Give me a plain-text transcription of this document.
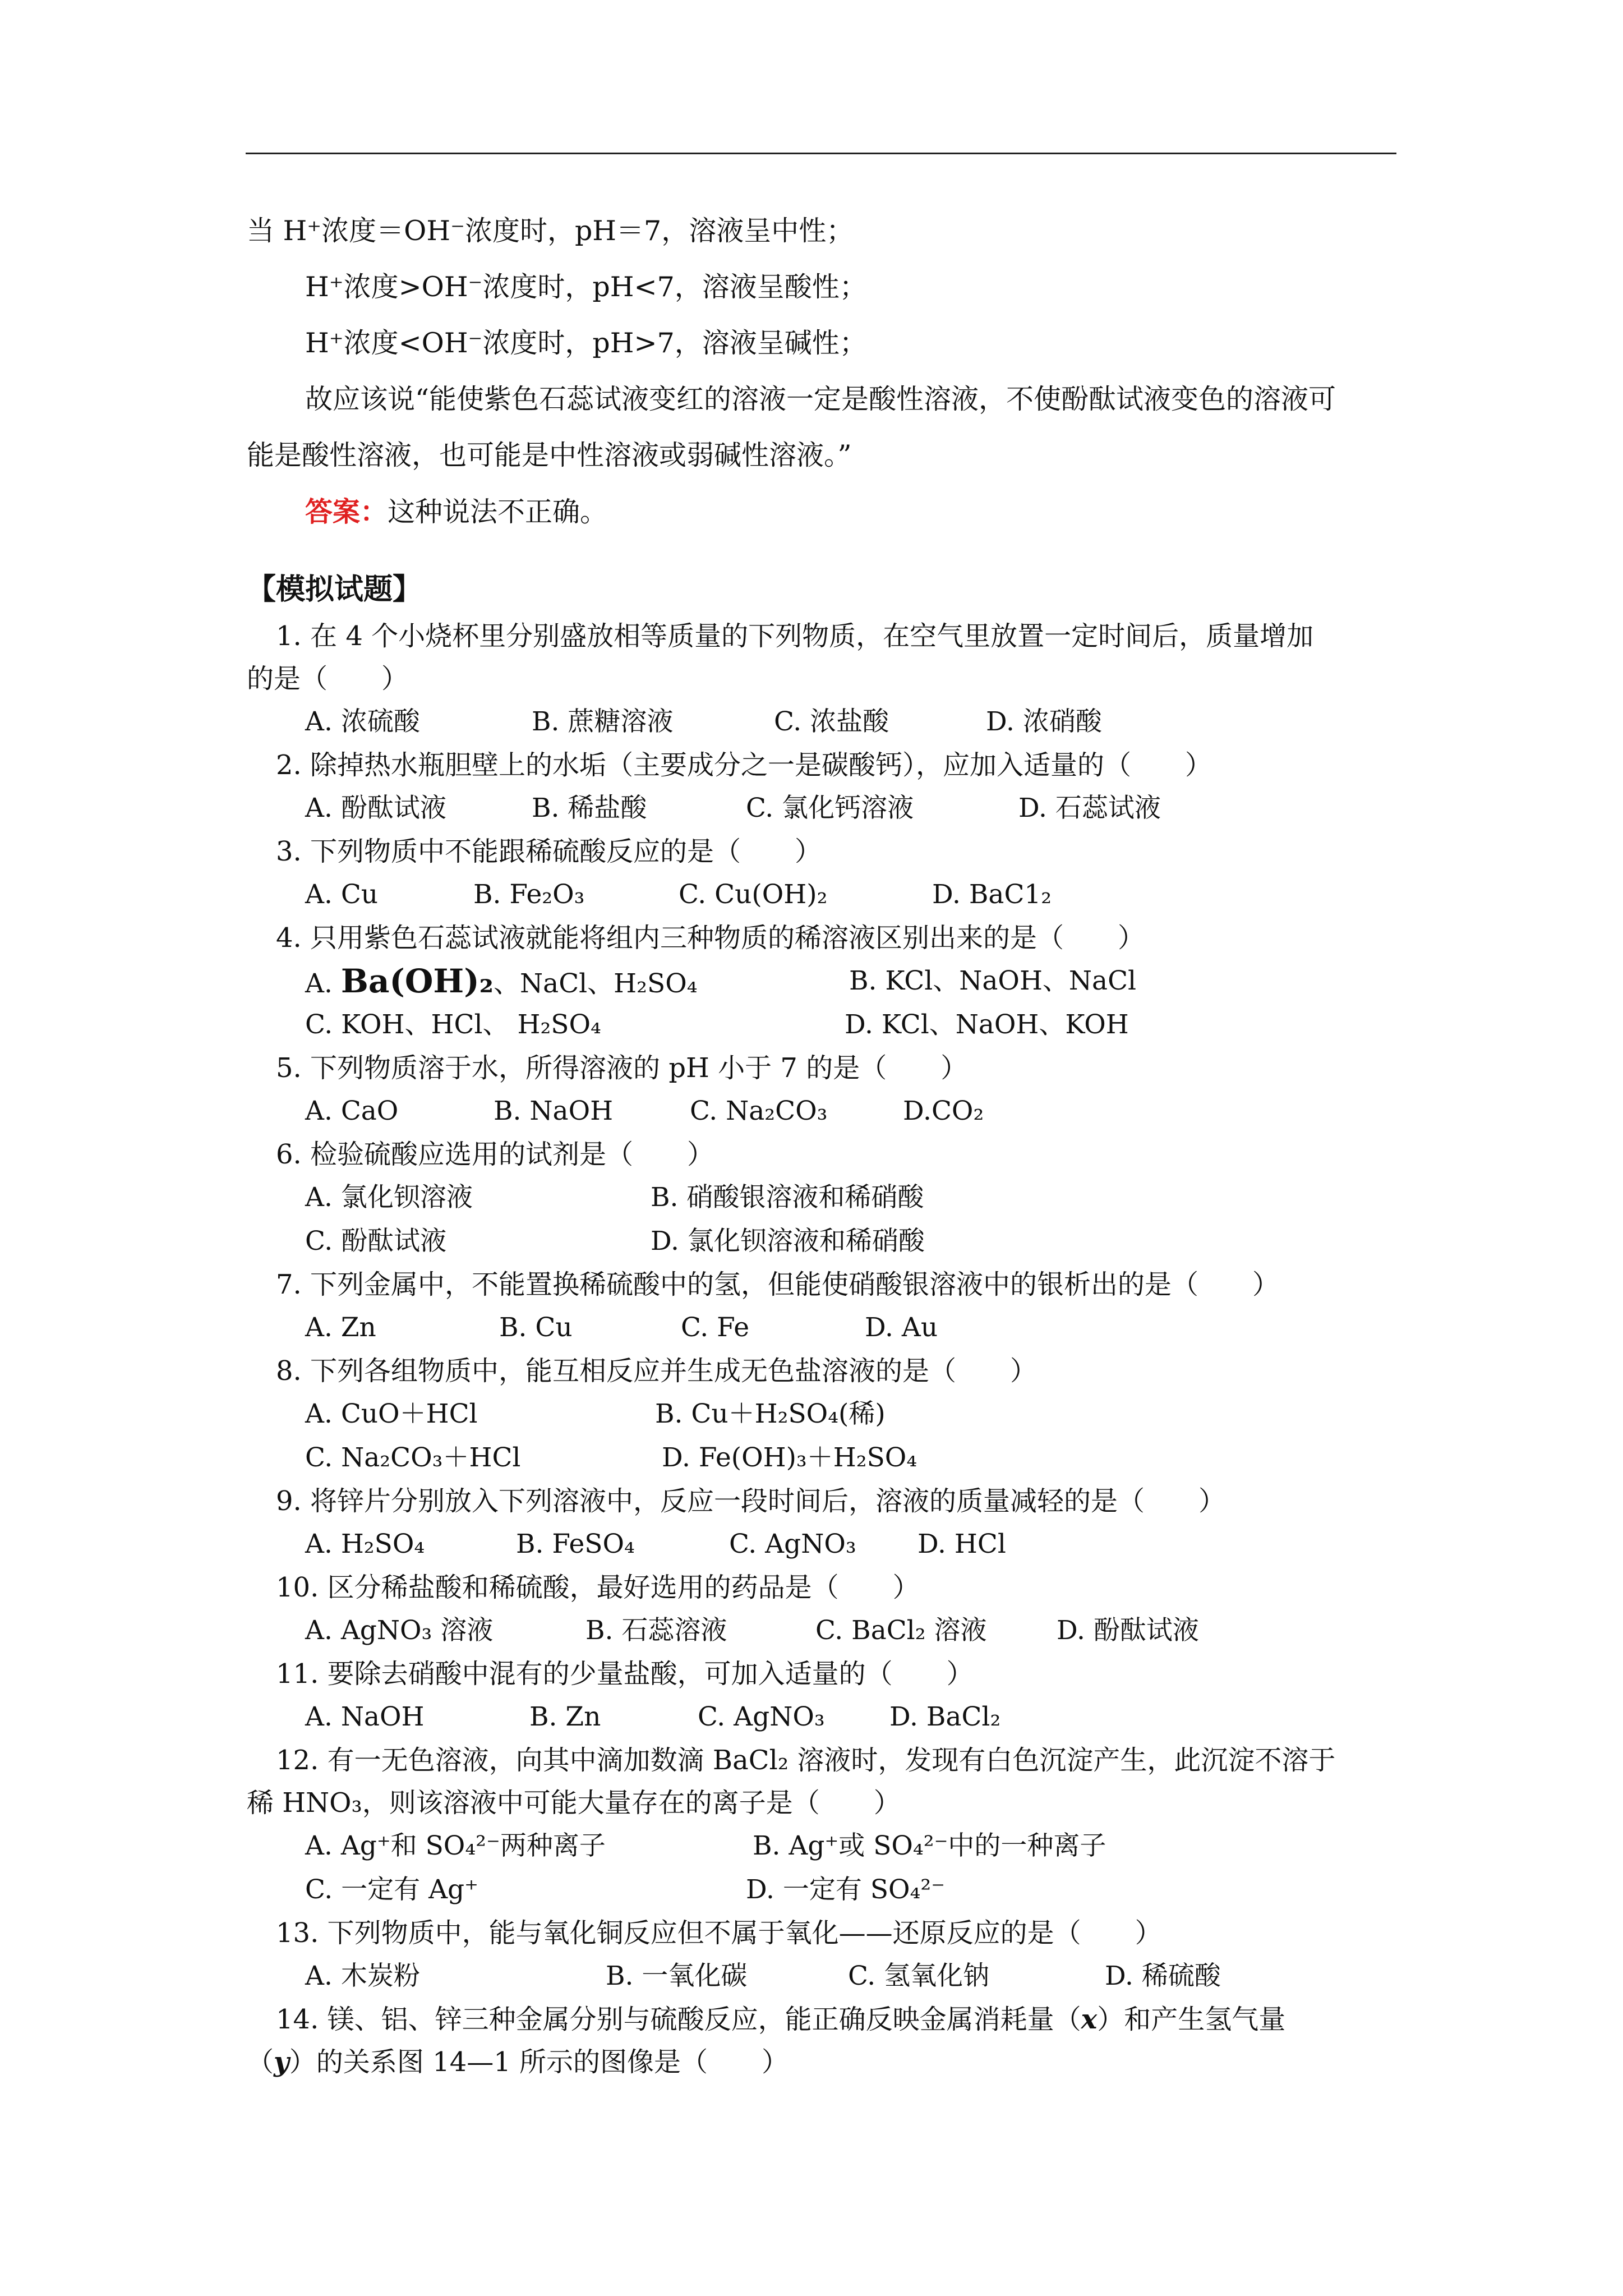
当 H⁺浓度＝OH⁻浓度时，pH＝7，溶液呈中性；
H⁺浓度>OH⁻浓度时，pH<7，溶液呈酸性；
H⁺浓度<OH⁻浓度时，pH>7，溶液呈碱性；
故应该说“能使紫色石蕊试液变红的溶液一定是酸性溶液，不使酚酞试液变色的溶液可
能是酸性溶液，也可能是中性溶液或弱碱性溶液。”
答案：这种说法不正确。
【模拟试题】
1. 在 4 个小烧杯里分别盛放相等质量的下列物质，在空气里放置一定时间后，质量增加
的是（　　）
A. 浓硫酸	B. 蔗糖溶液	C. 浓盐酸	D. 浓硝酸
2. 除掉热水瓶胆壁上的水垢（主要成分之一是碳酸钙），应加入适量的（　　）
A. 酚酞试液	B. 稀盐酸	C. 氯化钙溶液	D. 石蕊试液
3. 下列物质中不能跟稀硫酸反应的是（　　）
A. Cu	B. Fe₂O₃	C. Cu(OH)₂	D. BaC1₂
4. 只用紫色石蕊试液就能将组内三种物质的稀溶液区别出来的是（　　）
A. Ba(OH)₂、NaCl、H₂SO₄	B. KCl、NaOH、NaCl
C. KOH、HCl、 H₂SO₄	D. KCl、NaOH、KOH
5. 下列物质溶于水，所得溶液的 pH 小于 7 的是（　　）
A. CaO	B. NaOH	C. Na₂CO₃	D.CO₂
6. 检验硫酸应选用的试剂是（　　）
A. 氯化钡溶液	B. 硝酸银溶液和稀硝酸
C. 酚酞试液	D. 氯化钡溶液和稀硝酸
7. 下列金属中，不能置换稀硫酸中的氢，但能使硝酸银溶液中的银析出的是（　　）
A. Zn	B. Cu	C. Fe	D. Au
8. 下列各组物质中，能互相反应并生成无色盐溶液的是（　　）
A. CuO＋HCl	B. Cu＋H₂SO₄(稀)
C. Na₂CO₃＋HCl	D. Fe(OH)₃＋H₂SO₄
9. 将锌片分别放入下列溶液中，反应一段时间后，溶液的质量减轻的是（　　）
A. H₂SO₄	B. FeSO₄	C. AgNO₃ D. HCl
10. 区分稀盐酸和稀硫酸，最好选用的药品是（　　）
A. AgNO₃ 溶液	B. 石蕊溶液	C. BaCl₂ 溶液	D. 酚酞试液
11. 要除去硝酸中混有的少量盐酸，可加入适量的（　　）
A. NaOH	B. Zn	C. AgNO₃ D. BaCl₂
12. 有一无色溶液，向其中滴加数滴 BaCl₂ 溶液时，发现有白色沉淀产生，此沉淀不溶于
稀 HNO₃，则该溶液中可能大量存在的离子是（　　）
A. Ag⁺和 SO₄²⁻两种离子	B. Ag⁺或 SO₄²⁻中的一种离子
C. 一定有 Ag⁺	D. 一定有 SO₄²⁻
13. 下列物质中，能与氧化铜反应但不属于氧化——还原反应的是（　　）
A. 木炭粉	B. 一氧化碳	C. 氢氧化钠	D. 稀硫酸
14. 镁、铝、锌三种金属分别与硫酸反应，能正确反映金属消耗量（x）和产生氢气量
（y）的关系图 14—1 所示的图像是（　　）
